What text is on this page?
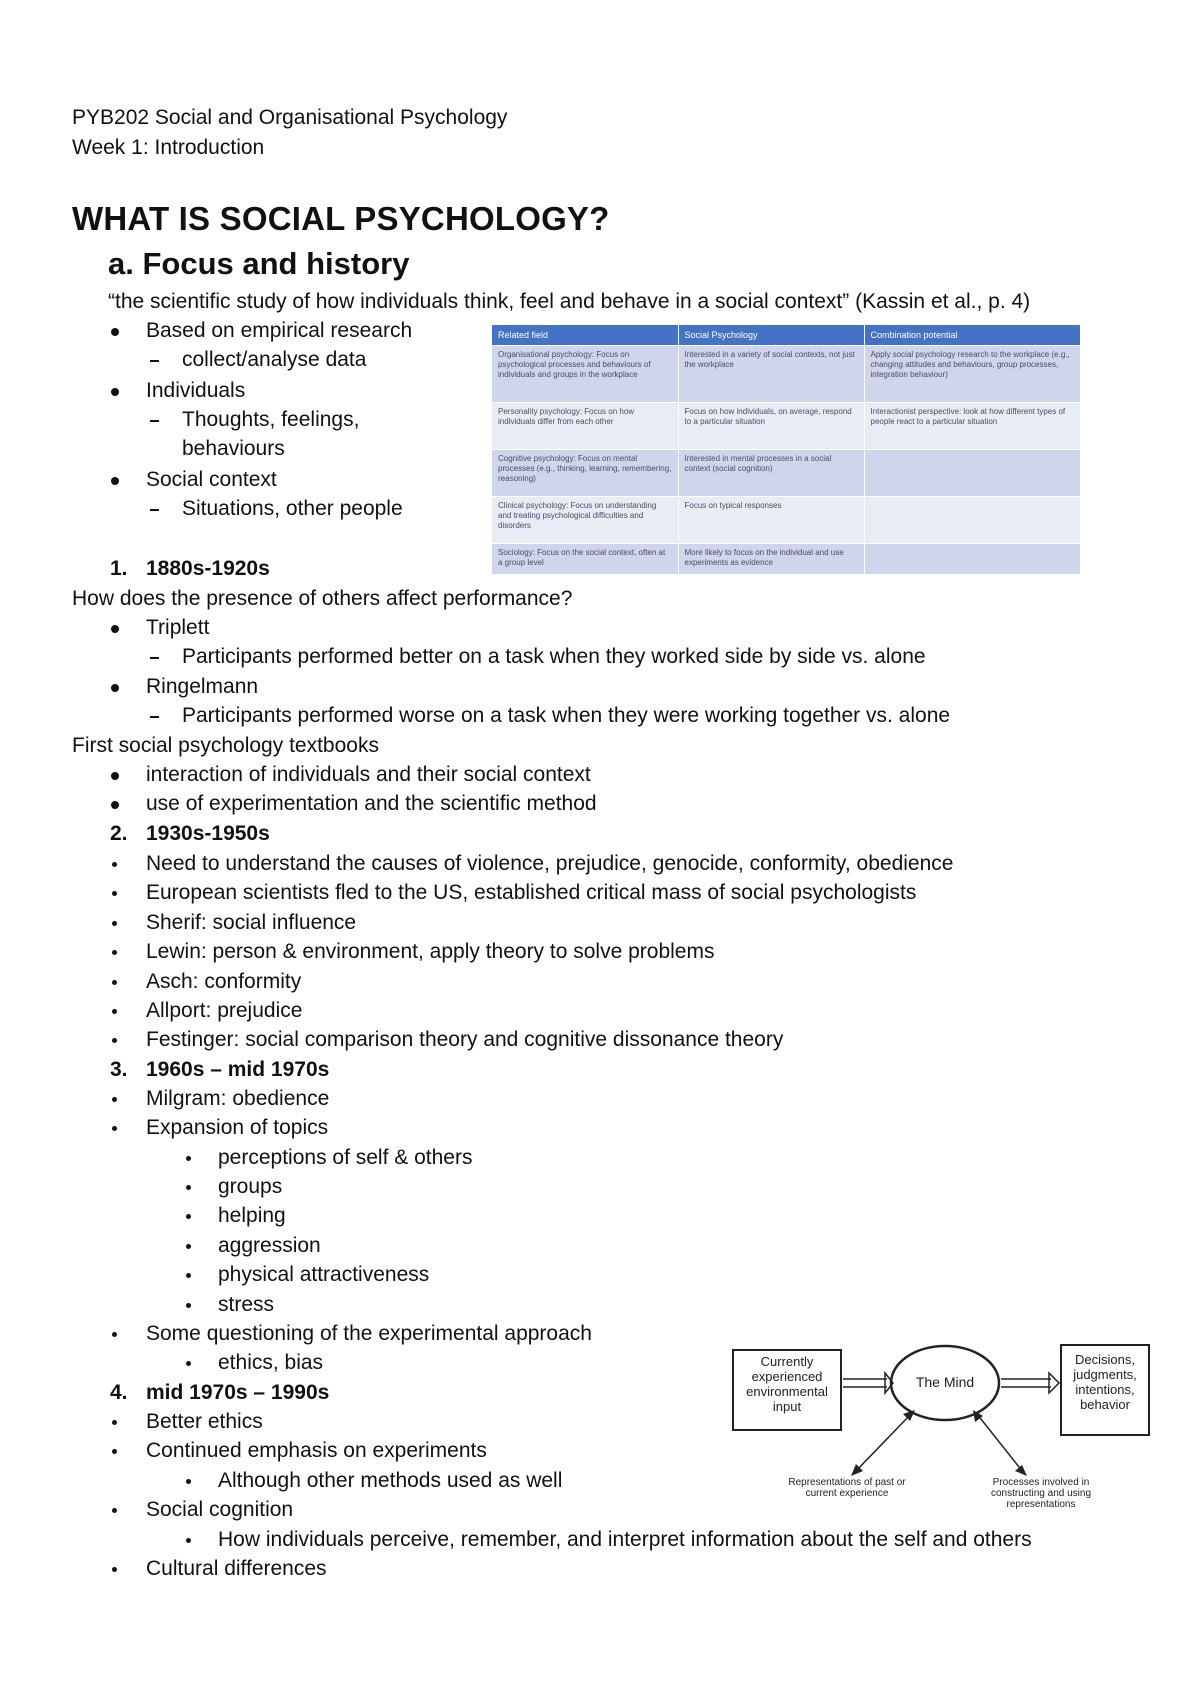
PYB202 Social and Organisational Psychology
Week 1: Introduction
WHAT IS SOCIAL PSYCHOLOGY?
a. Focus and history
“the scientific study of how individuals think, feel and behave in a social context” (Kassin et al., p. 4)
Based on empirical research
collect/analyse data
Individuals
Thoughts, feelings,
behaviours
Social context
Situations, other people
Related field	Social Psychology	Combination potential
Organisational psychology: Focus on psychological processes and behaviours of individuals and groups in the workplace	Interested in a variety of social contexts, not just the workplace	Apply social psychology research to the workplace (e.g., changing attitudes and behaviours, group processes, integration behaviour)
Personality psychology: Focus on how individuals differ from each other	Focus on how individuals, on average, respond to a particular situation	Interactionist perspective: look at how different types of people react to a particular situation
Cognitive psychology: Focus on mental processes (e.g., thinking, learning, remembering, reasoning)	Interested in mental processes in a social context (social cognition)	
Clinical psychology: Focus on understanding and treating psychological difficulties and disorders	Focus on typical responses	
Sociology: Focus on the social context, often at a group level	More likely to focus on the individual and use experiments as evidence	
1. 1880s-1920s
How does the presence of others affect performance?
Triplett
Participants performed better on a task when they worked side by side vs. alone
Ringelmann
Participants performed worse on a task when they were working together vs. alone
First social psychology textbooks
interaction of individuals and their social context
use of experimentation and the scientific method
2. 1930s-1950s
Need to understand the causes of violence, prejudice, genocide, conformity, obedience
European scientists fled to the US, established critical mass of social psychologists
Sherif: social influence
Lewin: person & environment, apply theory to solve problems
Asch: conformity
Allport: prejudice
Festinger: social comparison theory and cognitive dissonance theory
3. 1960s – mid 1970s
Milgram: obedience
Expansion of topics
perceptions of self & others
groups
helping
aggression
physical attractiveness
stress
Some questioning of the experimental approach
ethics, bias
4. mid 1970s – 1990s
Better ethics
Continued emphasis on experiments
Although other methods used as well
Social cognition
How individuals perceive, remember, and interpret information about the self and others
Cultural differences
Currently experienced environmental input
The Mind
Decisions, judgments, intentions, behavior
Representations of past or current experience
Processes involved in constructing and using representations
